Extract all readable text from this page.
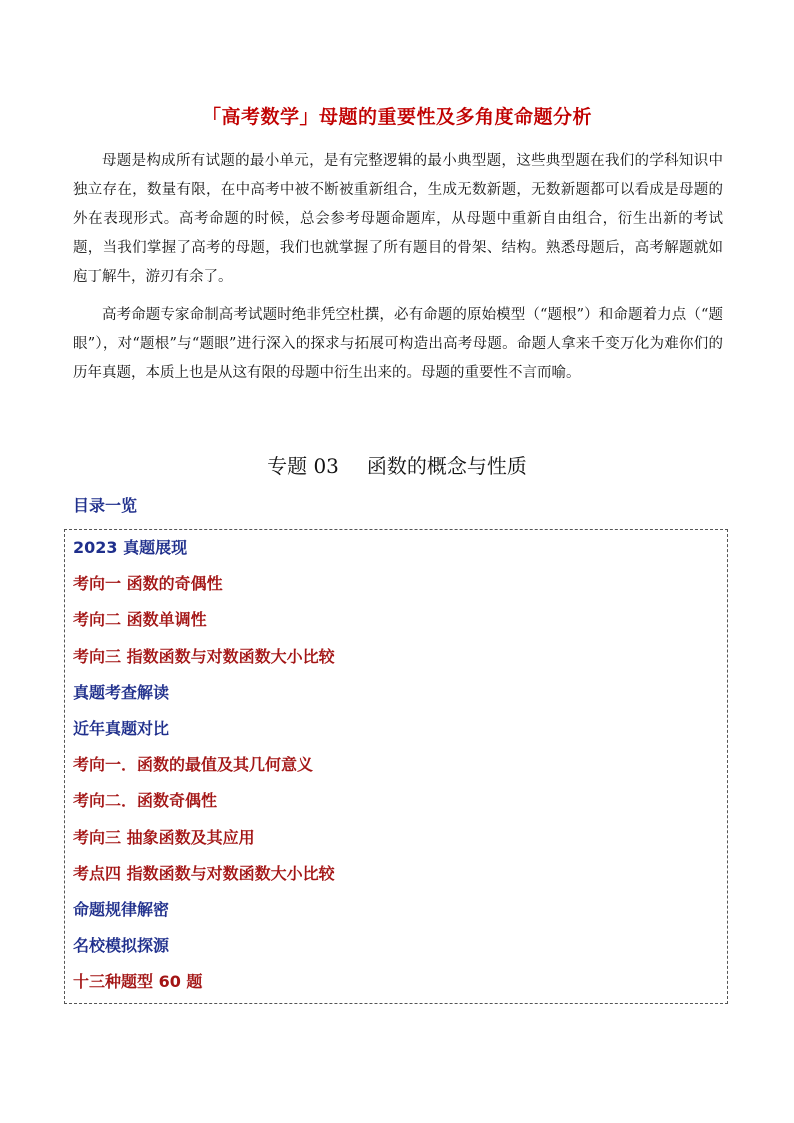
「高考数学」母题的重要性及多角度命题分析

母题是构成所有试题的最小单元，是有完整逻辑的最小典型题，这些典型题在我们的学科知识中独立存在，数量有限，在中高考中被不断被重新组合，生成无数新题，无数新题都可以看成是母题的外在表现形式。高考命题的时候，总会参考母题命题库，从母题中重新自由组合，衍生出新的考试题，当我们掌握了高考的母题，我们也就掌握了所有题目的骨架、结构。熟悉母题后，高考解题就如庖丁解牛，游刃有余了。

高考命题专家命制高考试题时绝非凭空杜撰，必有命题的原始模型（“题根”）和命题着力点（“题眼”），对“题根”与“题眼”进行深入的探求与拓展可构造出高考母题。命题人拿来千变万化为难你们的历年真题，本质上也是从这有限的母题中衍生出来的。母题的重要性不言而喻。

专题 03 函数的概念与性质
目录一览
2023 真题展现
考向一 函数的奇偶性
考向二 函数单调性
考向三 指数函数与对数函数大小比较
真题考查解读
近年真题对比
考向一．函数的最值及其几何意义
考向二．函数奇偶性
考向三 抽象函数及其应用
考点四 指数函数与对数函数大小比较
命题规律解密
名校模拟探源
十三种题型 60 题
